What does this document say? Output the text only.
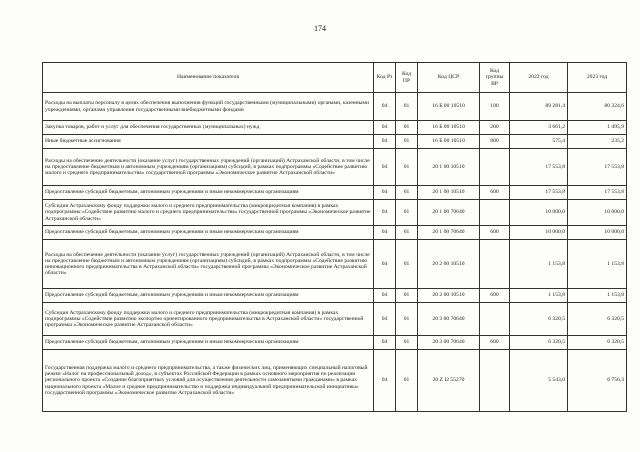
174
Наименование показателя	Код Рз	Код ПР	Код ЦСР	Код группы ВР	2022 год	2023 год
Расходы на выплаты персоналу в целях обеспечения выполнения функций государственными (муниципальными) органами, казенными учреждениями, органами управления государственными внебюджетными фондами	04	01	16 Б 00 10510	100	89 281,4	80 324,6
Закупка товаров, работ и услуг для обеспечения государственных (муниципальных) нужд	04	01	16 Б 00 10510	200	3 661,2	1 495,9
Иные бюджетные ассигнования	04	01	16 Б 00 10510	800	575,4	235,2
Расходы на обеспечение деятельности (оказание услуг) государственных учреждений (организаций) Астраханской области, в том числе на предоставление бюджетным и автономным учреждениям (организациям) субсидий, в рамках подпрограммы «Содействие развитию малого и среднего предпринимательства» государственной программы «Экономическое развитие Астраханской области»	04	01	20 1 00 10510		17 553,8	17 553,8
Предоставление субсидий бюджетным, автономным учреждениям и иным некоммерческим организациям	04	01	20 1 00 10510	600	17 553,8	17 553,8
Субсидия Астраханскому фонду поддержки малого и среднего предпринимательства (микрокредитная компания) в рамках подпрограммы «Содействие развитию малого и среднего предпринимательства» государственной программы «Экономическое развитие Астраханской области»	04	01	20 1 00 70640		10 000,0	10 000,0
Предоставление субсидий бюджетным, автономным учреждениям и иным некоммерческим организациям	04	01	20 1 00 70640	600	10 000,0	10 000,0
Расходы на обеспечение деятельности (оказание услуг) государственных учреждений (организаций) Астраханской области, в том числе на предоставление бюджетным и автономным учреждениям (организациям) субсидий, в рамках подпрограммы «Содействие развитию инновационного предпринимательства в Астраханской области» государственной программы «Экономическое развитие Астраханской области»	04	01	20 2 00 10510		1 153,8	1 153,8
Предоставление субсидий бюджетным, автономным учреждениям и иным некоммерческим организациям	04	01	20 2 00 10510	600	1 153,8	1 153,8
Субсидия Астраханскому фонду поддержки малого и среднего предпринимательства (микрокредитная компания) в рамках подпрограммы «Содействие развитию экспортно ориентированного предпринимательства в Астраханской области» государственной программы «Экономическое развитие Астраханской области»	04	01	20 3 00 70640		6 320,5	6 320,5
Предоставление субсидий бюджетным, автономным учреждениям и иным некоммерческим организациям	04	01	20 3 00 70640	600	6 320,5	6 320,5
Государственная поддержка малого и среднего предпринимательства, а также физических лиц, применяющих специальный налоговый режим «Налог на профессиональный доход», в субъектах Российской Федерации в рамках основного мероприятия по реализации регионального проекта «Создание благоприятных условий для осуществления деятельности самозанятыми гражданами» в рамках национального проекта «Малое и среднее предпринимательство и поддержка индивидуальной предпринимательской инициативы» государственной программы «Экономическое развитие Астраханской области»	04	01	20 Z I2 55270		5 543,0	6 756,3
